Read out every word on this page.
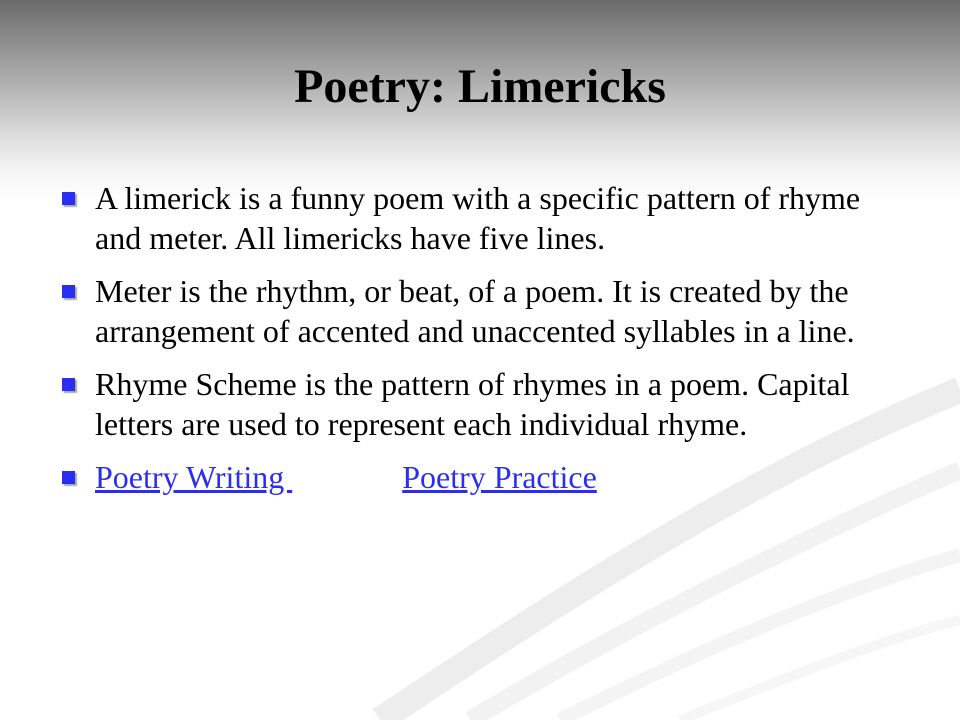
Poetry: Limericks
A limerick is a funny poem with a specific pattern of rhyme and meter. All limericks have five lines.
Meter is the rhythm, or beat, of a poem. It is created by the arrangement of accented and unaccented syllables in a line.
Rhyme Scheme is the pattern of rhymes in a poem. Capital letters are used to represent each individual rhyme.
Poetry Writing	Poetry Practice
